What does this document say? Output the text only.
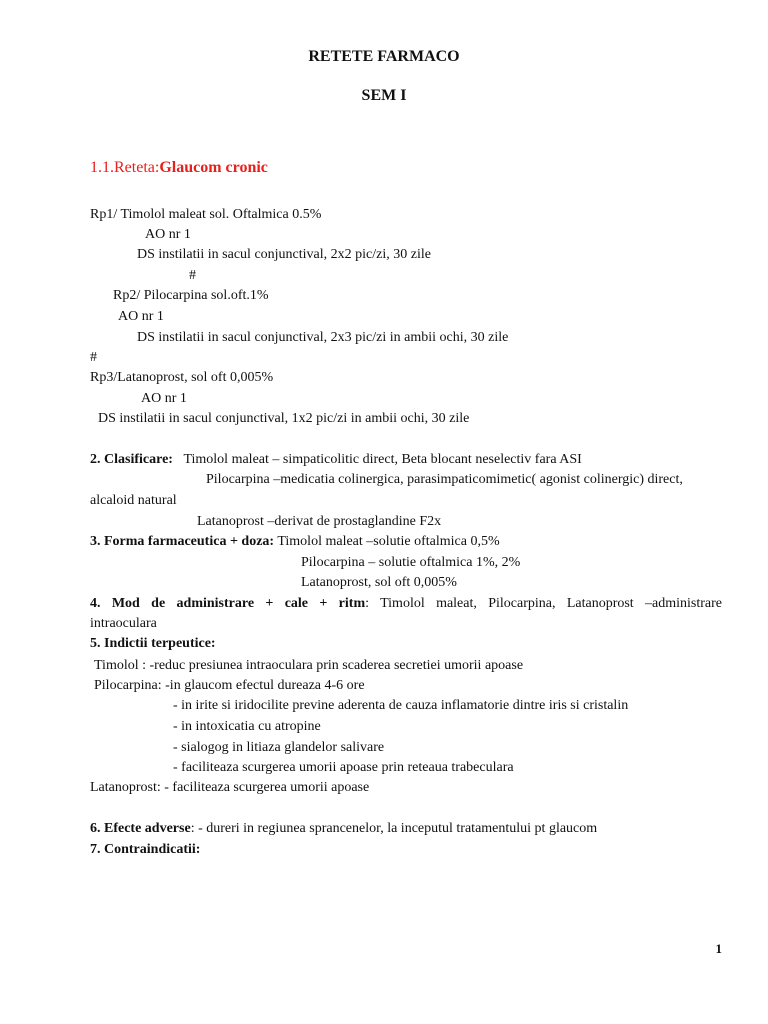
RETETE FARMACO
SEM I
1.1.Reteta:Glaucom cronic
Rp1/ Timolol maleat sol. Oftalmica 0.5%
AO nr 1
DS instilatii in sacul conjunctival, 2x2 pic/zi, 30 zile
#
Rp2/ Pilocarpina sol.oft.1%
AO nr 1
DS instilatii in sacul conjunctival, 2x3 pic/zi in ambii ochi, 30 zile
#
Rp3/Latanoprost, sol oft 0,005%
AO nr 1
DS instilatii in sacul conjunctival, 1x2 pic/zi in ambii ochi, 30 zile
2. Clasificare: Timolol maleat – simpaticolitic direct, Beta blocant neselectiv fara ASI
Pilocarpina –medicatia colinergica, parasimpaticomimetic( agonist colinergic) direct,
alcaloid natural
Latanoprost –derivat de prostaglandine F2x
3. Forma farmaceutica + doza: Timolol maleat –solutie oftalmica 0,5%
Pilocarpina – solutie oftalmica 1%, 2%
Latanoprost, sol oft 0,005%
4. Mod de administrare + cale + ritm: Timolol maleat, Pilocarpina, Latanoprost –administrare
intraoculara
5. Indictii terpeutice:
Timolol : -reduc presiunea intraoculara prin scaderea secretiei umorii apoase
Pilocarpina: -in glaucom efectul dureaza 4-6 ore
- in irite si iridocilite previne aderenta de cauza inflamatorie dintre iris si cristalin
- in intoxicatia cu atropine
- sialogog in litiaza glandelor salivare
- faciliteaza scurgerea umorii apoase prin reteaua trabeculara
Latanoprost: - faciliteaza scurgerea umorii apoase
6. Efecte adverse: - dureri in regiunea sprancenelor, la inceputul tratamentului pt glaucom
7. Contraindicatii:
1
